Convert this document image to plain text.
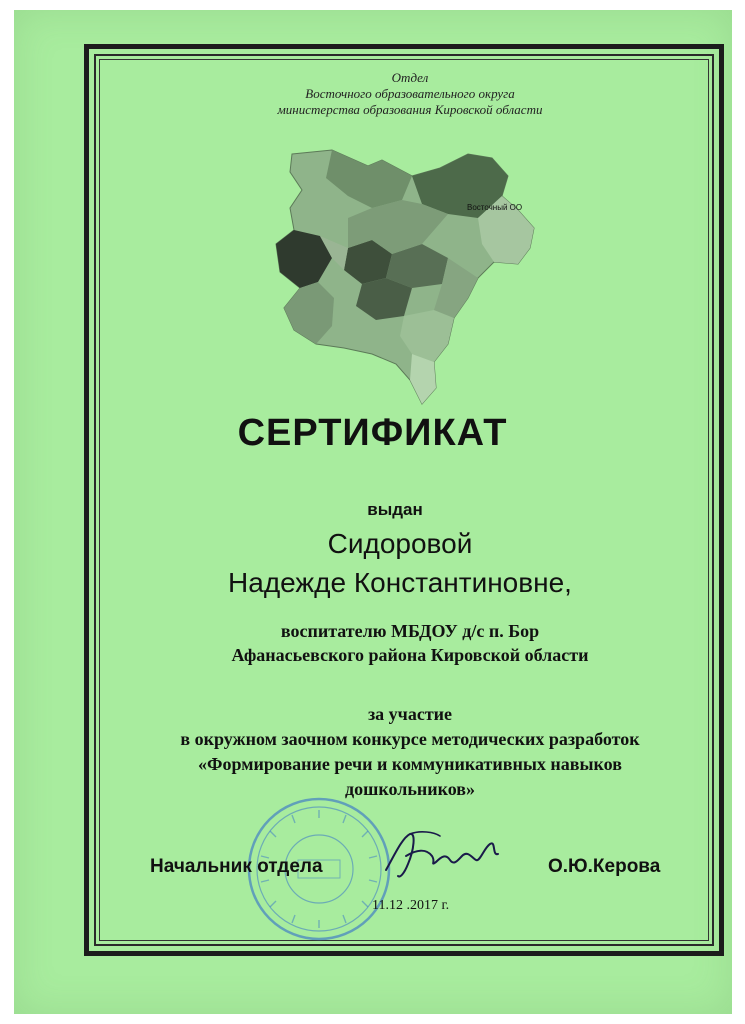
Отдел
Восточного образовательного округа
министерства образования Кировской области
Восточный ОО
СЕРТИФИКАТ
выдан
Сидоровой
Надежде Константиновне,
воспитателю МБДОУ д/с п. Бор
Афанасьевского района Кировской области
за участие
в окружном заочном конкурсе методических разработок
«Формирование речи и коммуникативных навыков
дошкольников»
Начальник отдела	О.Ю.Керова
11.12 .2017 г.
